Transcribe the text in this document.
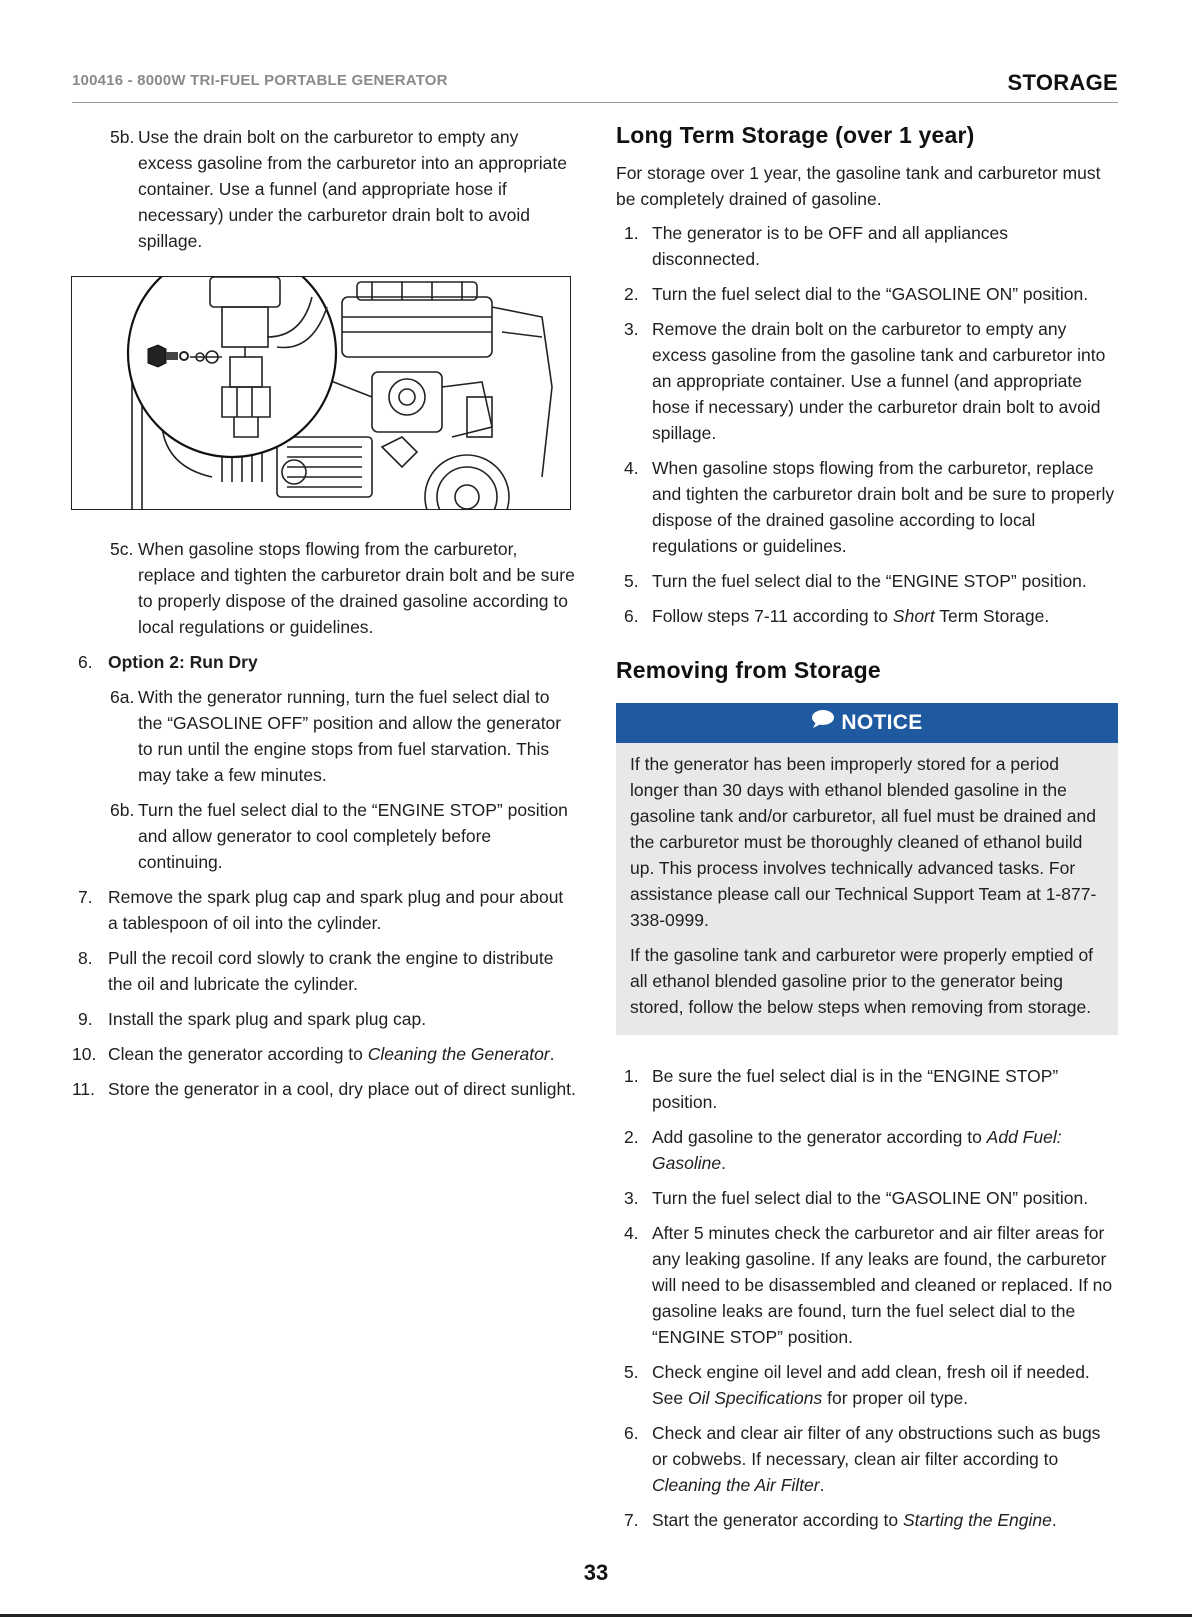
100416 - 8000W TRI-FUEL PORTABLE GENERATOR	STORAGE
5b. Use the drain bolt on the carburetor to empty any excess gasoline from the carburetor into an appropriate container. Use a funnel (and appropriate hose if necessary) under the carburetor drain bolt to avoid spillage.
5c. When gasoline stops flowing from the carburetor, replace and tighten the carburetor drain bolt and be sure to properly dispose of the drained gasoline according to local regulations or guidelines.
6. Option 2: Run Dry
6a. With the generator running, turn the fuel select dial to the “GASOLINE OFF” position and allow the generator to run until the engine stops from fuel starvation. This may take a few minutes.
6b. Turn the fuel select dial to the “ENGINE STOP” position and allow generator to cool completely before continuing.
7. Remove the spark plug cap and spark plug and pour about a tablespoon of oil into the cylinder.
8. Pull the recoil cord slowly to crank the engine to distribute the oil and lubricate the cylinder.
9. Install the spark plug and spark plug cap.
10. Clean the generator according to Cleaning the Generator.
11. Store the generator in a cool, dry place out of direct sunlight.
Long Term Storage (over 1 year)

For storage over 1 year, the gasoline tank and carburetor must be completely drained of gasoline.

1. The generator is to be OFF and all appliances disconnected.
2. Turn the fuel select dial to the “GASOLINE ON” position.
3. Remove the drain bolt on the carburetor to empty any excess gasoline from the gasoline tank and carburetor into an appropriate container. Use a funnel (and appropriate hose if necessary) under the carburetor drain bolt to avoid spillage.
4. When gasoline stops flowing from the carburetor, replace and tighten the carburetor drain bolt and be sure to properly dispose of the drained gasoline according to local regulations or guidelines.
5. Turn the fuel select dial to the “ENGINE STOP” position.
6. Follow steps 7-11 according to Short Term Storage.
Removing from Storage
NOTICE

If the generator has been improperly stored for a period longer than 30 days with ethanol blended gasoline in the gasoline tank and/or carburetor, all fuel must be drained and the carburetor must be thoroughly cleaned of ethanol build up. This process involves technically advanced tasks. For assistance please call our Technical Support Team at 1-877-338-0999.

If the gasoline tank and carburetor were properly emptied of all ethanol blended gasoline prior to the generator being stored, follow the below steps when removing from storage.

1. Be sure the fuel select dial is in the “ENGINE STOP” position.
2. Add gasoline to the generator according to Add Fuel: Gasoline.
3. Turn the fuel select dial to the “GASOLINE ON” position.
4. After 5 minutes check the carburetor and air filter areas for any leaking gasoline. If any leaks are found, the carburetor will need to be disassembled and cleaned or replaced. If no gasoline leaks are found, turn the fuel select dial to the “ENGINE STOP” position.
5. Check engine oil level and add clean, fresh oil if needed. See Oil Specifications for proper oil type.
6. Check and clear air filter of any obstructions such as bugs or cobwebs. If necessary, clean air filter according to Cleaning the Air Filter.
7. Start the generator according to Starting the Engine.
33
